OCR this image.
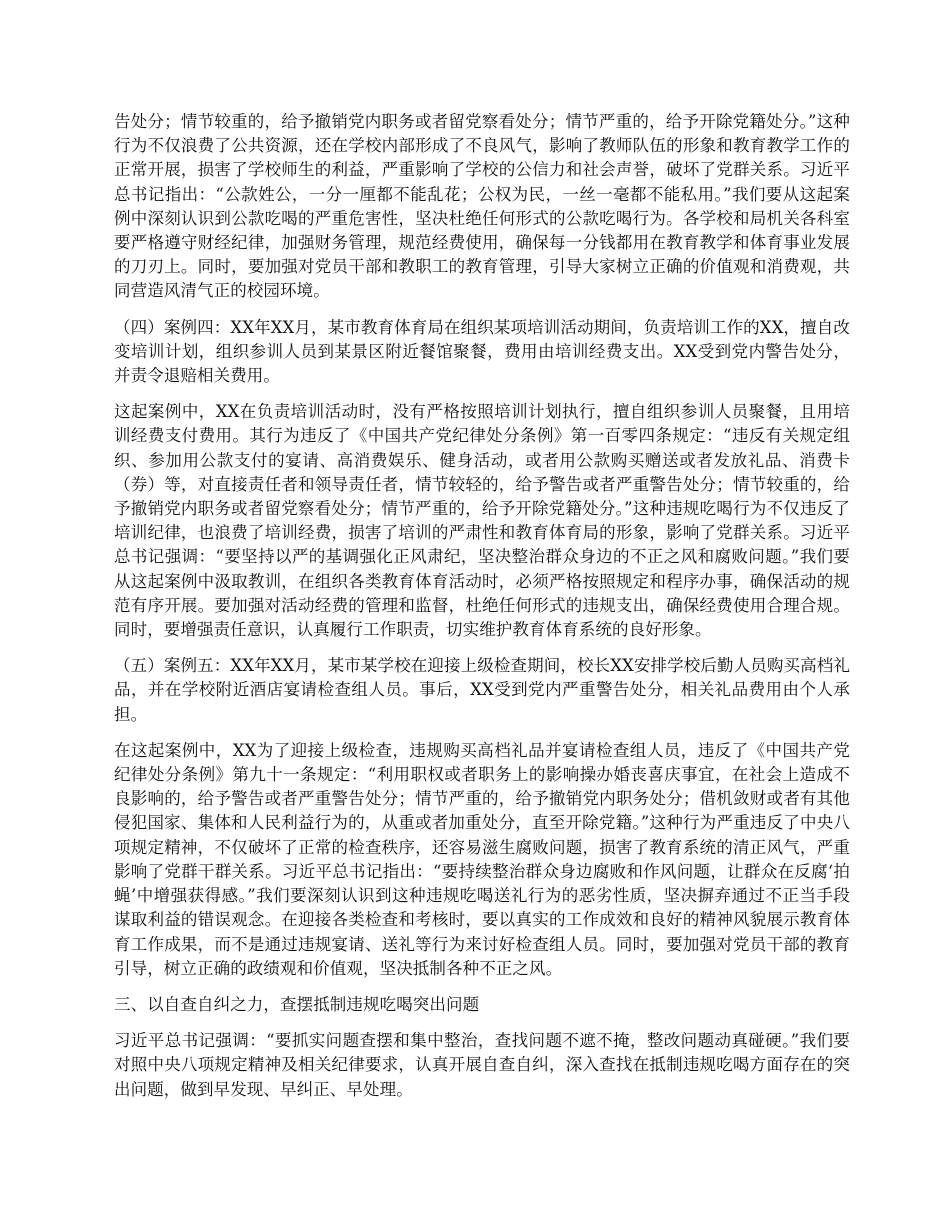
告处分；情节较重的，给予撤销党内职务或者留党察看处分；情节严重的，给予开除党籍处分。”这种行为不仅浪费了公共资源，还在学校内部形成了不良风气，影响了教师队伍的形象和教育教学工作的正常开展，损害了学校师生的利益，严重影响了学校的公信力和社会声誉，破坏了党群关系。习近平总书记指出：“公款姓公，一分一厘都不能乱花；公权为民，一丝一毫都不能私用。”我们要从这起案例中深刻认识到公款吃喝的严重危害性，坚决杜绝任何形式的公款吃喝行为。各学校和局机关各科室要严格遵守财经纪律，加强财务管理，规范经费使用，确保每一分钱都用在教育教学和体育事业发展的刀刃上。同时，要加强对党员干部和教职工的教育管理，引导大家树立正确的价值观和消费观，共同营造风清气正的校园环境。

（四）案例四：XX年XX月，某市教育体育局在组织某项培训活动期间，负责培训工作的XX，擅自改变培训计划，组织参训人员到某景区附近餐馆聚餐，费用由培训经费支出。XX受到党内警告处分，并责令退赔相关费用。

这起案例中，XX在负责培训活动时，没有严格按照培训计划执行，擅自组织参训人员聚餐，且用培训经费支付费用。其行为违反了《中国共产党纪律处分条例》第一百零四条规定：“违反有关规定组织、参加用公款支付的宴请、高消费娱乐、健身活动，或者用公款购买赠送或者发放礼品、消费卡（券）等，对直接责任者和领导责任者，情节较轻的，给予警告或者严重警告处分；情节较重的，给予撤销党内职务或者留党察看处分；情节严重的，给予开除党籍处分。”这种违规吃喝行为不仅违反了培训纪律，也浪费了培训经费，损害了培训的严肃性和教育体育局的形象，影响了党群关系。习近平总书记强调：“要坚持以严的基调强化正风肃纪，坚决整治群众身边的不正之风和腐败问题。”我们要从这起案例中汲取教训，在组织各类教育体育活动时，必须严格按照规定和程序办事，确保活动的规范有序开展。要加强对活动经费的管理和监督，杜绝任何形式的违规支出，确保经费使用合理合规。同时，要增强责任意识，认真履行工作职责，切实维护教育体育系统的良好形象。

（五）案例五：XX年XX月，某市某学校在迎接上级检查期间，校长XX安排学校后勤人员购买高档礼品，并在学校附近酒店宴请检查组人员。事后，XX受到党内严重警告处分，相关礼品费用由个人承担。

在这起案例中，XX为了迎接上级检查，违规购买高档礼品并宴请检查组人员，违反了《中国共产党纪律处分条例》第九十一条规定：“利用职权或者职务上的影响操办婚丧喜庆事宜，在社会上造成不良影响的，给予警告或者严重警告处分；情节严重的，给予撤销党内职务处分；借机敛财或者有其他侵犯国家、集体和人民利益行为的，从重或者加重处分，直至开除党籍。”这种行为严重违反了中央八项规定精神，不仅破坏了正常的检查秩序，还容易滋生腐败问题，损害了教育系统的清正风气，严重影响了党群干群关系。习近平总书记指出：“要持续整治群众身边腐败和作风问题，让群众在反腐‘拍蝇’中增强获得感。”我们要深刻认识到这种违规吃喝送礼行为的恶劣性质，坚决摒弃通过不正当手段谋取利益的错误观念。在迎接各类检查和考核时，要以真实的工作成效和良好的精神风貌展示教育体育工作成果，而不是通过违规宴请、送礼等行为来讨好检查组人员。同时，要加强对党员干部的教育引导，树立正确的政绩观和价值观，坚决抵制各种不正之风。

三、以自查自纠之力，查摆抵制违规吃喝突出问题

习近平总书记强调：“要抓实问题查摆和集中整治，查找问题不遮不掩，整改问题动真碰硬。”我们要对照中央八项规定精神及相关纪律要求，认真开展自查自纠，深入查找在抵制违规吃喝方面存在的突出问题，做到早发现、早纠正、早处理。
